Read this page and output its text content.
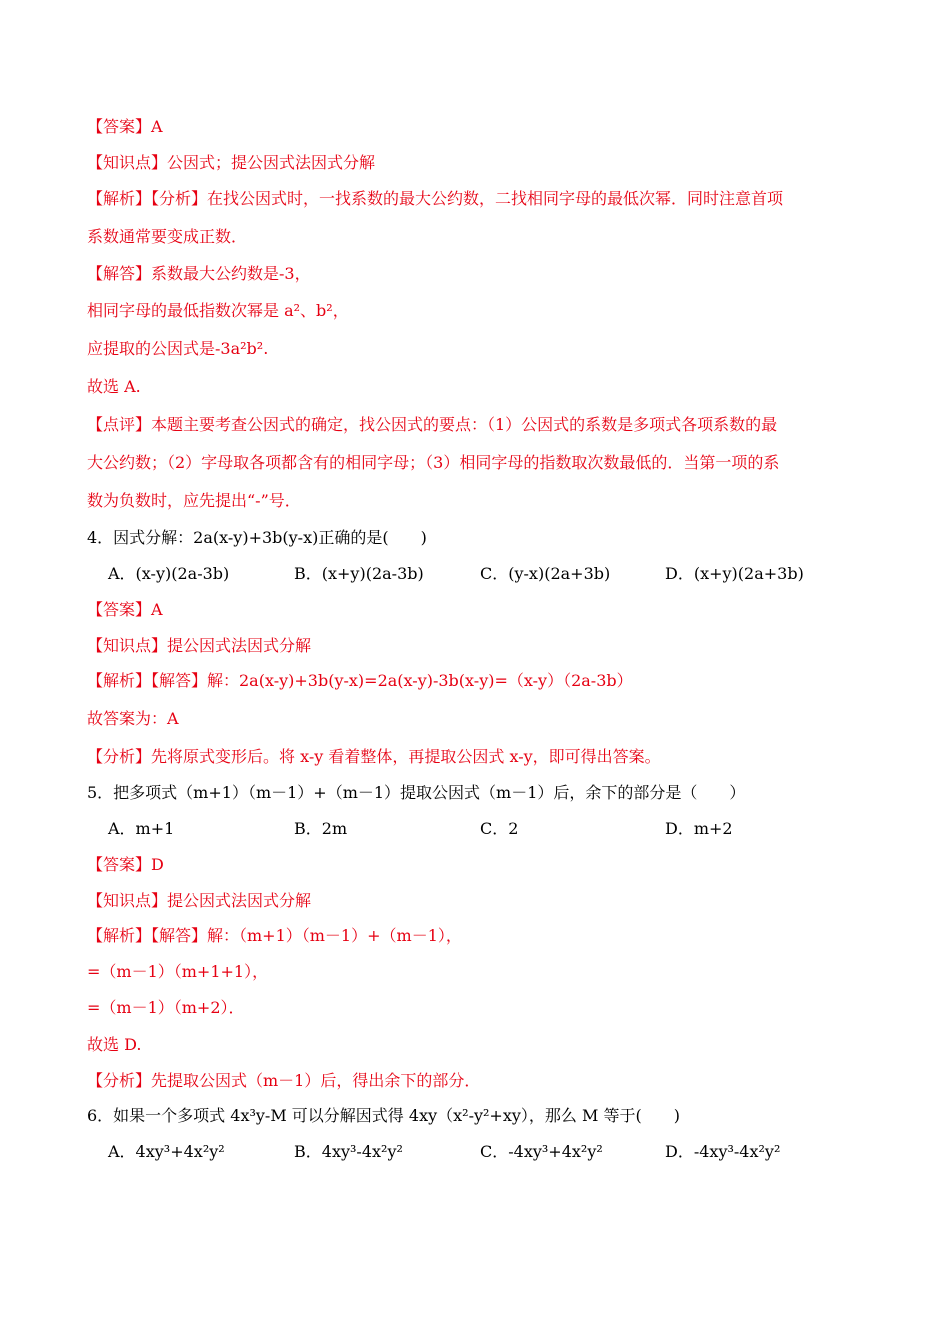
【答案】A
【知识点】公因式；提公因式法因式分解
【解析】【分析】在找公因式时，一找系数的最大公约数，二找相同字母的最低次幂．同时注意首项
系数通常要变成正数．
【解答】系数最大公约数是-3，
相同字母的最低指数次幂是 a²、b²，
应提取的公因式是-3a²b².
故选 A.
【点评】本题主要考查公因式的确定，找公因式的要点：（1）公因式的系数是多项式各项系数的最
大公约数；（2）字母取各项都含有的相同字母；（3）相同字母的指数取次数最低的．当第一项的系
数为负数时，应先提出“-”号．
4．因式分解：2a(x-y)+3b(y-x)正确的是(　　)
A．(x-y)(2a-3b)	B．(x+y)(2a-3b)	C．(y-x)(2a+3b)	D．(x+y)(2a+3b)
【答案】A
【知识点】提公因式法因式分解
【解析】【解答】解：2a(x-y)+3b(y-x)=2a(x-y)-3b(x-y)=（x-y）（2a-3b）
故答案为：A
【分析】先将原式变形后。将 x-y 看着整体，再提取公因式 x-y，即可得出答案。
5．把多项式（m+1）（m－1）+（m－1）提取公因式（m－1）后，余下的部分是（　　）
A．m+1	B．2m	C．2	D．m+2
【答案】D
【知识点】提公因式法因式分解
【解析】【解答】解：（m+1）（m－1）+（m－1），
=（m－1）（m+1+1），
=（m－1）（m+2）．
故选 D.
【分析】先提取公因式（m－1）后，得出余下的部分．
6．如果一个多项式 4x³y-M 可以分解因式得 4xy（x²-y²+xy），那么 M 等于(　　)
A．4xy³+4x²y²	B．4xy³-4x²y²	C．-4xy³+4x²y²	D．-4xy³-4x²y²
